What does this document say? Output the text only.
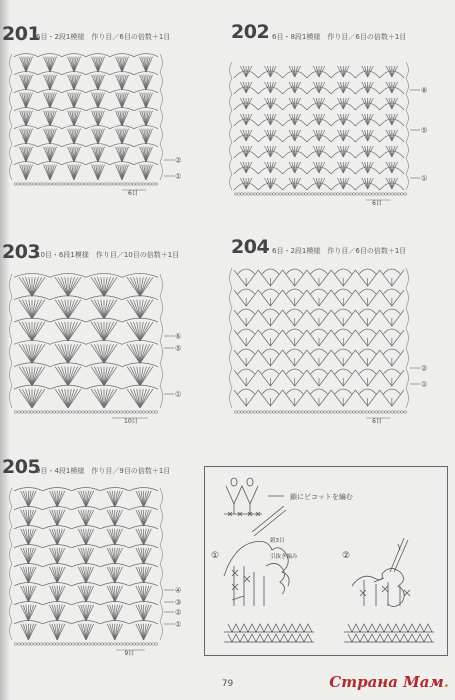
201
6目・2段1模様　作り目／6目の倍数＋1目
②
①
6目
202 6目・8段1模様　作り目／6目の倍数＋1目
⑧
⑤
①
6目
203
10目・6段1模様　作り目／10目の倍数＋1目
⑥
⑤
①
10目
204 6目・2段1模様　作り目／6目の倍数＋1目
②
①
6目
205
9目・4段1模様　作り目／9目の倍数＋1目
④
③
②
①
9目
鎖にピコットを編む
①
鎖3目
引抜き編み	②
79	Страна Мам.
